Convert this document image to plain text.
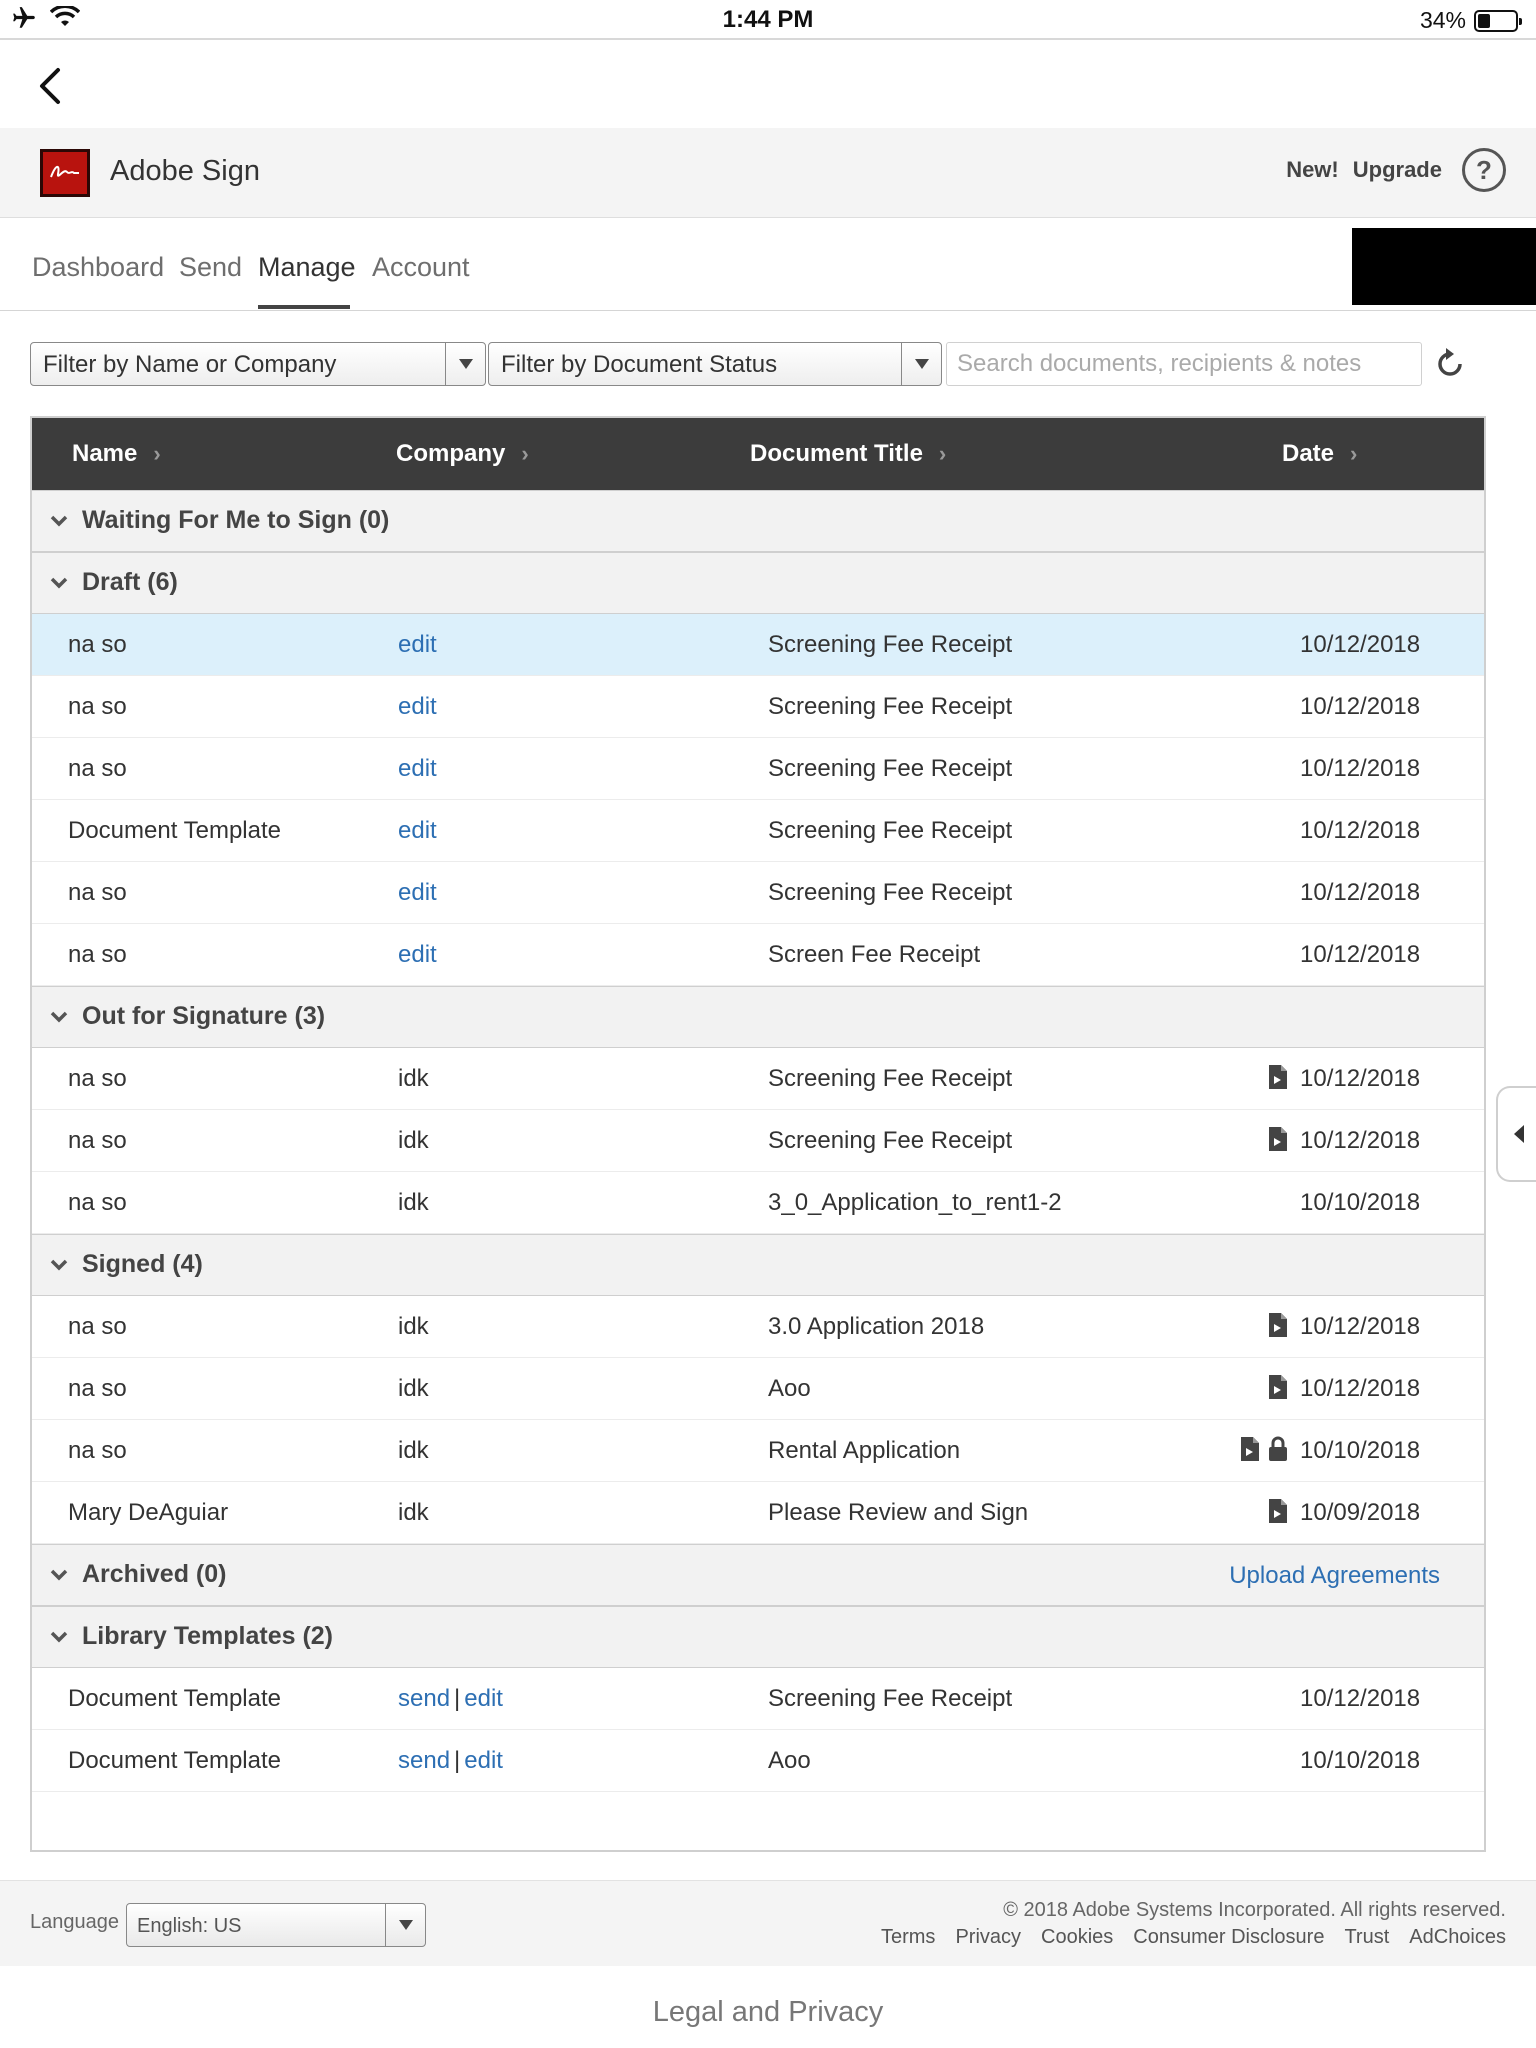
1:44 PM	34%
Adobe Sign	New! Upgrade ?
Dashboard Send Manage Account
Filter by Name or Company	Filter by Document Status
Search documents, recipients & notes
Name ›	Company ›	Document Title ›	Date ›
Waiting For Me to Sign (0)
Draft (6)
na so	edit	Screening Fee Receipt	10/12/2018
na so	edit	Screening Fee Receipt	10/12/2018
na so	edit	Screening Fee Receipt	10/12/2018
Document Template	edit	Screening Fee Receipt	10/12/2018
na so	edit	Screening Fee Receipt	10/12/2018
na so	edit	Screen Fee Receipt	10/12/2018
Out for Signature (3)
na so	idk	Screening Fee Receipt	10/12/2018
na so	idk	Screening Fee Receipt	10/12/2018
na so	idk	3_0_Application_to_rent1-2	10/10/2018
Signed (4)
na so	idk	3.0 Application 2018	10/12/2018
na so	idk	Aoo	10/12/2018
na so	idk	Rental Application	10/10/2018
Mary DeAguiar	idk	Please Review and Sign	10/09/2018
Archived (0)	Upload Agreements
Library Templates (2)
Document Template	send | edit	Screening Fee Receipt	10/12/2018
Document Template	send | edit	Aoo	10/10/2018
Language English: US
© 2018 Adobe Systems Incorporated. All rights reserved.
Terms Privacy Cookies Consumer Disclosure Trust AdChoices
Legal and Privacy
